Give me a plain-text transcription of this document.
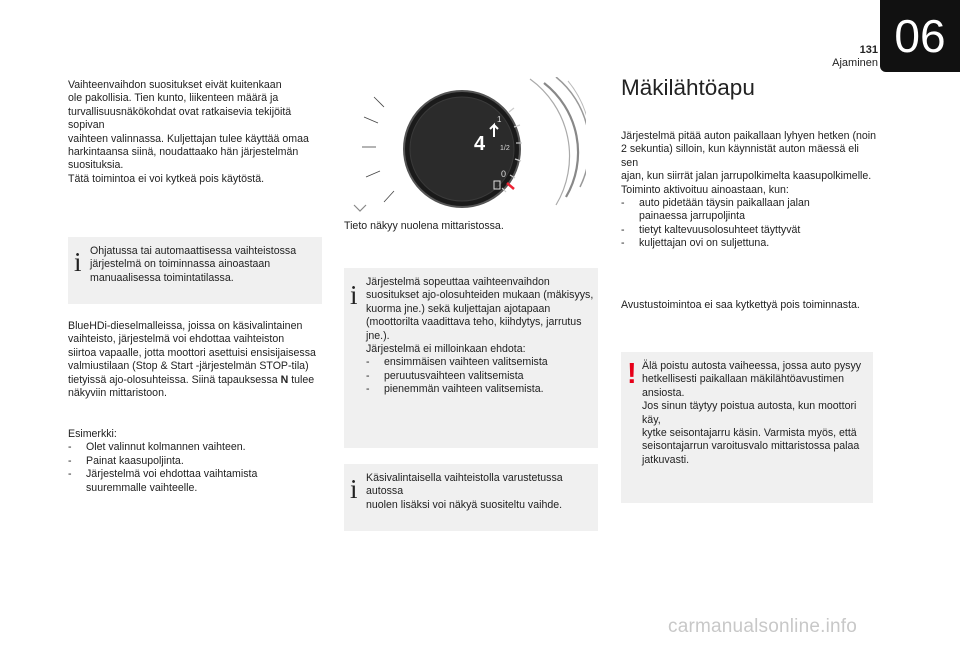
06
131
Ajaminen

Vaihteenvaihdon suositukset eivät kuitenkaan

ole pakollisia. Tien kunto, liikenteen määrä ja

turvallisuusnäkökohdat ovat ratkaisevia tekijöitä sopivan

vaihteen valinnassa. Kuljettajan tulee käyttää omaa

harkintaansa siinä, noudattaako hän järjestelmän

suosituksia.

Tätä toimintoa ei voi kytkeä pois käytöstä.

i Ohjatussa tai automaattisessa vaihteistossa

järjestelmä on toiminnassa ainoastaan

manuaalisessa toimintatilassa.

BlueHDi-dieselmalleissa, joissa on käsivalintainen

vaihteisto, järjestelmä voi ehdottaa vaihteiston

siirtoa vapaalle, jotta moottori asettuisi ensisijaisessa

valmiustilaan (Stop & Start -järjestelmän STOP-tila)

tietyissä ajo-olosuhteissa. Siinä tapauksessa N tulee

näkyviin mittaristoon.

Esimerkki:

- Olet valinnut kolmannen vaihteen.
- Painat kaasupoljinta.
- Järjestelmä voi ehdottaa vaihtamista suuremmalle vaihteelle.
4
1
1/2
0
Tieto näkyy nuolena mittaristossa.
i Järjestelmä sopeuttaa vaihteenvaihdon

suositukset ajo-olosuhteiden mukaan (mäkisyys,

kuorma jne.) sekä kuljettajan ajotapaan

(moottorilta vaadittava teho, kiihdytys, jarrutus

jne.).

Järjestelmä ei milloinkaan ehdota:

- ensimmäisen vaihteen valitsemista
- peruutusvaihteen valitsemista
- pienemmän vaihteen valitsemista.
i Käsivalintaisella vaihteistolla varustetussa autossa

nuolen lisäksi voi näkyä suositeltu vaihde.

Mäkilähtöapu

Järjestelmä pitää auton paikallaan lyhyen hetken (noin

2 sekuntia) silloin, kun käynnistät auton mäessä eli sen

ajan, kun siirrät jalan jarrupolkimelta kaasupolkimelle.

Toiminto aktivoituu ainoastaan, kun:

- auto pidetään täysin paikallaan jalan painaessa jarrupoljinta
- tietyt kaltevuusolosuhteet täyttyvät
- kuljettajan ovi on suljettuna.
Avustustoimintoa ei saa kytkettyä pois toiminnasta.
! Älä poistu autosta vaiheessa, jossa auto pysyy

hetkellisesti paikallaan mäkilähtöavustimen

ansiosta.

Jos sinun täytyy poistua autosta, kun moottori käy,

kytke seisontajarru käsin. Varmista myös, että

seisontajarrun varoitusvalo mittaristossa palaa

jatkuvasti.

carmanualsonline.info
